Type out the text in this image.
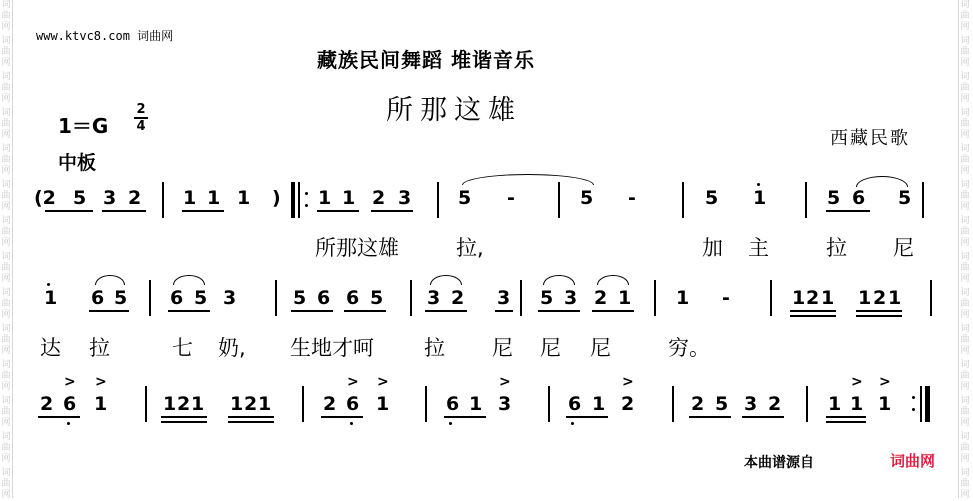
词
曲
网
词
曲
网
词
曲
网
词
曲
网
词
曲
网
词
曲
网
词
曲
网
词
曲
网
词
曲
网
词
曲
网
词
曲
网
词
曲
网
词
曲
网
词
曲
网
词
曲
网
词
曲
网
词
曲
网
词
曲
网
词
曲
网
词
曲
网
词
曲
网
词
曲
网
词
曲
网
词
曲
网
词
曲
网
词
曲
网
词
曲
网
词
曲
网
www.ktvc8.com 词曲网
藏族民间舞蹈 堆谐音乐
所那这雄
1＝G
2
4
中板
西藏民歌
(2 5 3 2 1 1 1 ) 1 1 2 3 5 -	5 -	5 1	5 6 5
所那这雄	拉,	加 主	拉 尼
1 6 5 6 5 3	5 6 6 5 3 2 3 5 3 2 1 1 -	1 2 1 1 2 1
达 拉	七 奶, 生地才呵 拉 尼 尼 尼	穷。
2 6 1
> >
1 2 1 1 2 1	2 6 1
> >
6 1 3
>
6 1 2
>
2 5 3 2 1 1 1
> >
本曲谱源自	词曲网
